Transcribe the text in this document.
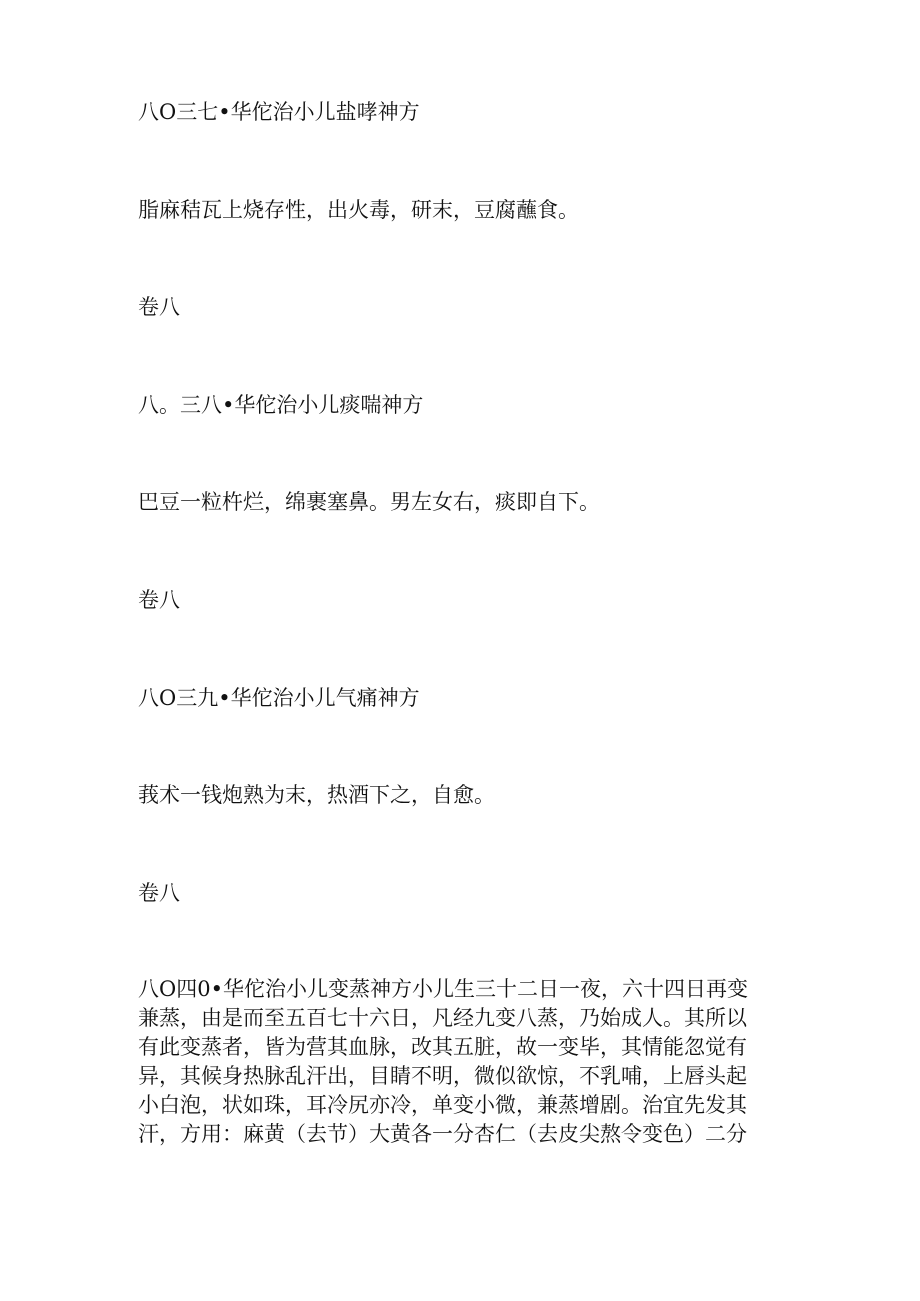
八O三七•华佗治小儿盐哮神方

脂麻秸瓦上烧存性，出火毒，研末，豆腐蘸食。

卷八

八。三八•华佗治小儿痰喘神方

巴豆一粒杵烂，绵裹塞鼻。男左女右，痰即自下。

卷八

八O三九•华佗治小儿气痛神方

莪术一钱炮熟为末，热酒下之，自愈。

卷八

八O四0•华佗治小儿变蒸神方小儿生三十二日一夜，六十四日再变
兼蒸，由是而至五百七十六日，凡经九变八蒸，乃始成人。其所以
有此变蒸者，皆为营其血脉，改其五脏，故一变毕，其情能忽觉有
异，其候身热脉乱汗出，目睛不明，微似欲惊，不乳哺，上唇头起
小白泡，状如珠，耳冷尻亦冷，单变小微，兼蒸增剧。治宜先发其
汗，方用：麻黄（去节）大黄各一分杏仁（去皮尖熬令变色）二分
